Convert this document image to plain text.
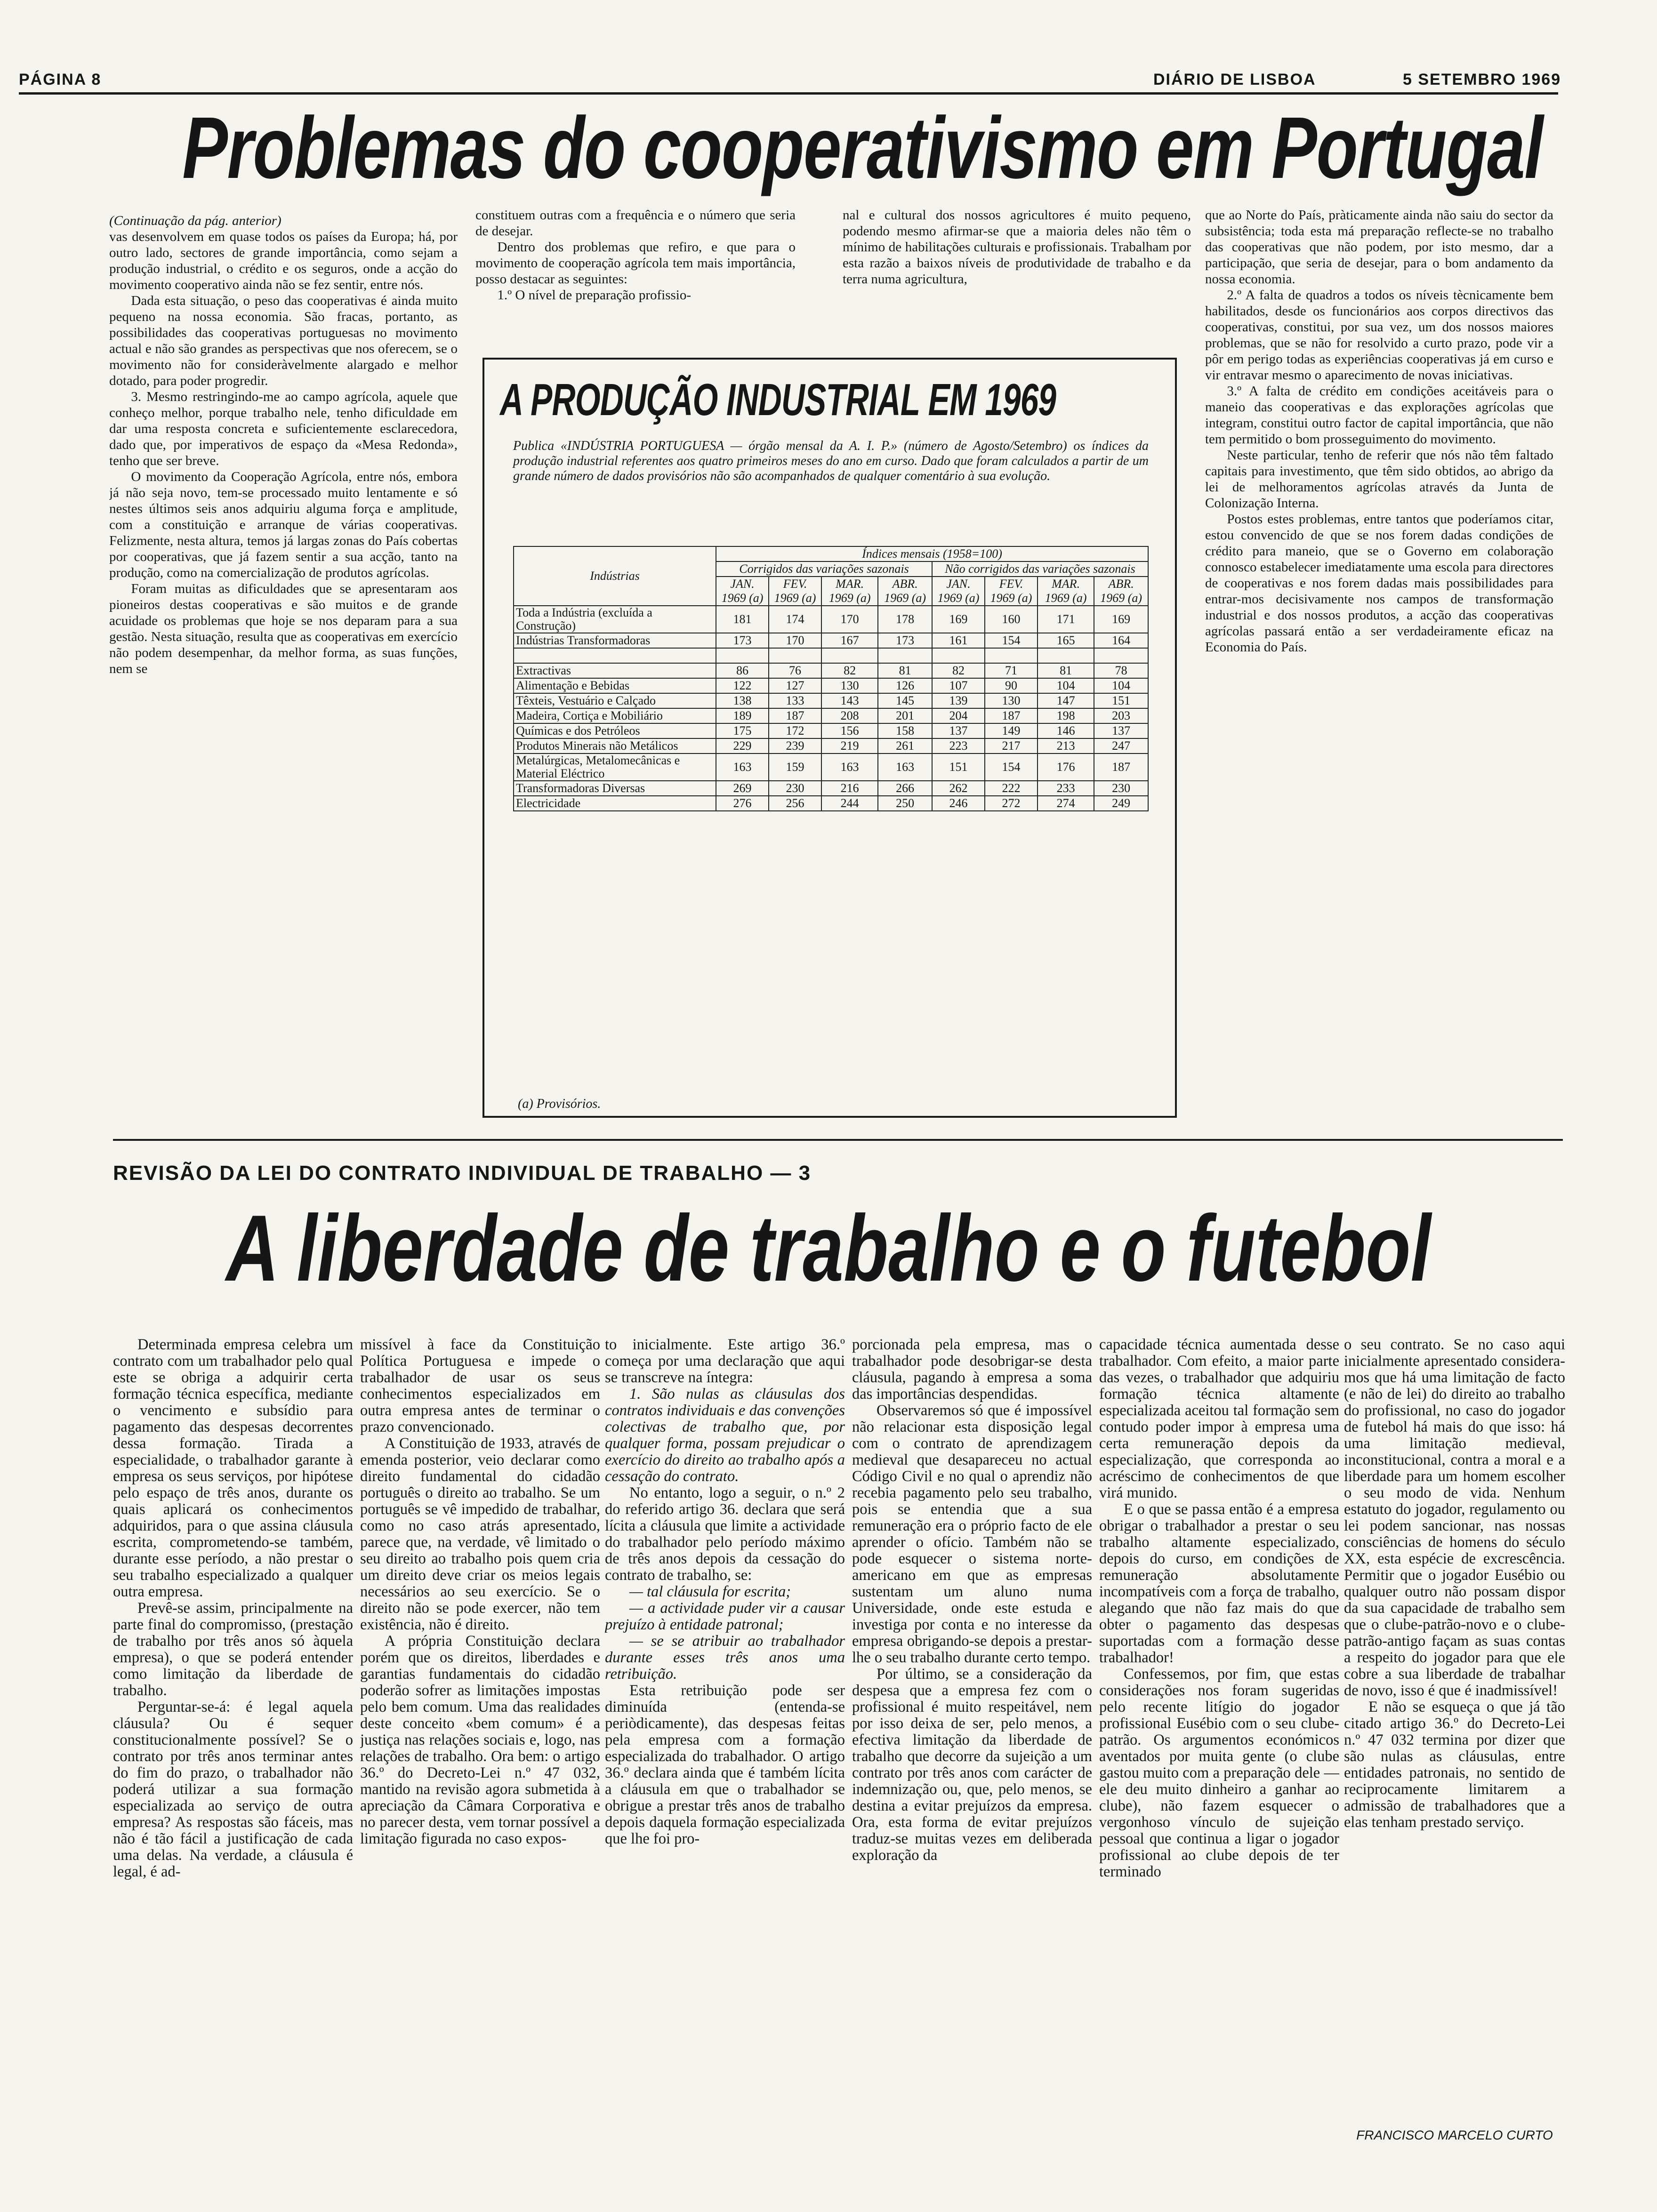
PÁGINA 8	DIÁRIO DE LISBOA	5 SETEMBRO 1969
Problemas do cooperativismo em Portugal

(Continuação da pág. anterior)

vas desenvolvem em quase todos os países da Europa; há, por outro lado, sectores de grande importância, como sejam a produção industrial, o crédito e os seguros, onde a acção do movimento cooperativo ainda não se fez sentir, entre nós.

Dada esta situação, o peso das cooperativas é ainda muito pequeno na nossa economia. São fracas, portanto, as possibilidades das cooperativas portuguesas no movimento actual e não são grandes as perspectivas que nos oferecem, se o movimento não for consideràvelmente alargado e melhor dotado, para poder progredir.

3. Mesmo restringindo-me ao campo agrícola, aquele que conheço melhor, porque trabalho nele, tenho dificuldade em dar uma resposta concreta e suficientemente esclarecedora, dado que, por imperativos de espaço da «Mesa Redonda», tenho que ser breve.

O movimento da Cooperação Agrícola, entre nós, embora já não seja novo, tem-se processado muito lentamente e só nestes últimos seis anos adquiriu alguma força e amplitude, com a constituição e arranque de várias cooperativas. Felizmente, nesta altura, temos já largas zonas do País cobertas por cooperativas, que já fazem sentir a sua acção, tanto na produção, como na comercialização de produtos agrícolas.

Foram muitas as dificuldades que se apresentaram aos pioneiros destas cooperativas e são muitos e de grande acuidade os problemas que hoje se nos deparam para a sua gestão. Nesta situação, resulta que as cooperativas em exercício não podem desempenhar, da melhor forma, as suas funções, nem se

constituem outras com a frequência e o número que seria de desejar.

Dentro dos problemas que refiro, e que para o movimento de cooperação agrícola tem mais importância, posso destacar as seguintes:

1.º O nível de preparação profissio-

nal e cultural dos nossos agricultores é muito pequeno, podendo mesmo afirmar-se que a maioria deles não têm o mínimo de habilitações culturais e profissionais. Trabalham por esta razão a baixos níveis de produtividade de trabalho e da terra numa agricultura,

que ao Norte do País, pràticamente ainda não saiu do sector da subsistência; toda esta má preparação reflecte-se no trabalho das cooperativas que não podem, por isto mesmo, dar a participação, que seria de desejar, para o bom andamento da nossa economia.

2.º A falta de quadros a todos os níveis tècnicamente bem habilitados, desde os funcionários aos corpos directivos das cooperativas, constitui, por sua vez, um dos nossos maiores problemas, que se não for resolvido a curto prazo, pode vir a pôr em perigo todas as experiências cooperativas já em curso e vir entravar mesmo o aparecimento de novas iniciativas.

3.º A falta de crédito em condições aceitáveis para o maneio das cooperativas e das explorações agrícolas que integram, constitui outro factor de capital importância, que não tem permitido o bom prosseguimento do movimento.

Neste particular, tenho de referir que nós não têm faltado capitais para investimento, que têm sido obtidos, ao abrigo da lei de melhoramentos agrícolas através da Junta de Colonização Interna.

Postos estes problemas, entre tantos que poderíamos citar, estou convencido de que se nos forem dadas condições de crédito para maneio, que se o Governo em colaboração connosco estabelecer imediatamente uma escola para directores de cooperativas e nos forem dadas mais possibilidades para entrar-mos decisivamente nos campos de transformação industrial e dos nossos produtos, a acção das cooperativas agrícolas passará então a ser verdadeiramente eficaz na Economia do País.

A PRODUÇÃO INDUSTRIAL EM 1969
Publica «INDÚSTRIA PORTUGUESA — órgão mensal da A. I. P.» (número de Agosto/Setembro) os índices da produção industrial referentes aos quatro primeiros meses do ano em curso. Dado que foram calculados a partir de um grande número de dados provisórios não são acompanhados de qualquer comentário à sua evolução.
Indústrias	Índices mensais (1958=100)							
	Corrigidos das variações sazonais				Não corrigidos das variações sazonais			
	JAN. 1969 (a)	FEV. 1969 (a)	MAR. 1969 (a)	ABR. 1969 (a)	JAN. 1969 (a)	FEV. 1969 (a)	MAR. 1969 (a)	ABR. 1969 (a)
Toda a Indústria (excluída a Construção)	181	174	170	178	169	160	171	169
Indústrias Transformadoras	173	170	167	173	161	154	165	164

Extractivas	86	76	82	81	82	71	81	78
Alimentação e Bebidas	122	127	130	126	107	90	104	104
Têxteis, Vestuário e Calçado	138	133	143	145	139	130	147	151
Madeira, Cortiça e Mobiliário	189	187	208	201	204	187	198	203
Químicas e dos Petróleos	175	172	156	158	137	149	146	137
Produtos Minerais não Metálicos	229	239	219	261	223	217	213	247
Metalúrgicas, Metalomecânicas e Material Eléctrico	163	159	163	163	151	154	176	187
Transformadoras Diversas	269	230	216	266	262	222	233	230
Electricidade	276	256	244	250	246	272	274	249
(a) Provisórios.
REVISÃO DA LEI DO CONTRATO INDIVIDUAL DE TRABALHO — 3
A liberdade de trabalho e o futebol

Determinada empresa celebra um contrato com um trabalhador pelo qual este se obriga a adquirir certa formação técnica específica, mediante o vencimento e subsídio para pagamento das despesas decorrentes dessa formação. Tirada a especialidade, o trabalhador garante à empresa os seus serviços, por hipótese pelo espaço de três anos, durante os quais aplicará os conhecimentos adquiridos, para o que assina cláusula escrita, comprometendo-se também, durante esse período, a não prestar o seu trabalho especializado a qualquer outra empresa.

Prevê-se assim, principalmente na parte final do compromisso, (prestação de trabalho por três anos só àquela empresa), o que se poderá entender como limitação da liberdade de trabalho.

Perguntar-se-á: é legal aquela cláusula? Ou é sequer constitucionalmente possível? Se o contrato por três anos terminar antes do fim do prazo, o trabalhador não poderá utilizar a sua formação especializada ao serviço de outra empresa? As respostas são fáceis, mas não é tão fácil a justificação de cada uma delas. Na verdade, a cláusula é legal, é ad-

missível à face da Constituição Política Portuguesa e impede o trabalhador de usar os seus conhecimentos especializados em outra empresa antes de terminar o prazo convencionado.

A Constituição de 1933, através de emenda posterior, veio declarar como direito fundamental do cidadão português o direito ao trabalho. Se um português se vê impedido de trabalhar, como no caso atrás apresentado, parece que, na verdade, vê limitado o seu direito ao trabalho pois quem cria um direito deve criar os meios legais necessários ao seu exercício. Se o direito não se pode exercer, não tem existência, não é direito.

A própria Constituição declara porém que os direitos, liberdades e garantias fundamentais do cidadão poderão sofrer as limitações impostas pelo bem comum. Uma das realidades deste conceito «bem comum» é a justiça nas relações sociais e, logo, nas relações de trabalho. Ora bem: o artigo 36.º do Decreto-Lei n.º 47 032, mantido na revisão agora submetida à apreciação da Câmara Corporativa e no parecer desta, vem tornar possível a limitação figurada no caso expos-

to inicialmente. Este artigo 36.º começa por uma declaração que aqui se transcreve na íntegra:

1. São nulas as cláusulas dos contratos individuais e das convenções colectivas de trabalho que, por qualquer forma, possam prejudicar o exercício do direito ao trabalho após a cessação do contrato.

No entanto, logo a seguir, o n.º 2 do referido artigo 36. declara que será lícita a cláusula que limite a actividade do trabalhador pelo período máximo de três anos depois da cessação do contrato de trabalho, se:

— tal cláusula for escrita;

— a actividade puder vir a causar prejuízo à entidade patronal;

— se se atribuir ao trabalhador durante esses três anos uma retribuição.

Esta retribuição pode ser diminuída (entenda-se periòdicamente), das despesas feitas pela empresa com a formação especializada do trabalhador. O artigo 36.º declara ainda que é também lícita a cláusula em que o trabalhador se obrigue a prestar três anos de trabalho depois daquela formação especializada que lhe foi pro-

porcionada pela empresa, mas o trabalhador pode desobrigar-se desta cláusula, pagando à empresa a soma das importâncias despendidas.

Observaremos só que é impossível não relacionar esta disposição legal com o contrato de aprendizagem medieval que desapareceu no actual Código Civil e no qual o aprendiz não recebia pagamento pelo seu trabalho, pois se entendia que a sua remuneração era o próprio facto de ele aprender o ofício. Também não se pode esquecer o sistema norte-americano em que as empresas sustentam um aluno numa Universidade, onde este estuda e investiga por conta e no interesse da empresa obrigando-se depois a prestar-lhe o seu trabalho durante certo tempo.

Por último, se a consideração da despesa que a empresa fez com o profissional é muito respeitável, nem por isso deixa de ser, pelo menos, a efectiva limitação da liberdade de trabalho que decorre da sujeição a um contrato por três anos com carácter de indemnização ou, que, pelo menos, se destina a evitar prejuízos da empresa. Ora, esta forma de evitar prejuízos traduz-se muitas vezes em deliberada exploração da

capacidade técnica aumentada desse trabalhador. Com efeito, a maior parte das vezes, o trabalhador que adquiriu formação técnica altamente especializada aceitou tal formação sem contudo poder impor à empresa uma certa remuneração depois da especialização, que corresponda ao acréscimo de conhecimentos de que virá munido.

E o que se passa então é a empresa obrigar o trabalhador a prestar o seu trabalho altamente especializado, depois do curso, em condições de remuneração absolutamente incompatíveis com a força de trabalho, alegando que não faz mais do que obter o pagamento das despesas suportadas com a formação desse trabalhador!

Confessemos, por fim, que estas considerações nos foram sugeridas pelo recente litígio do jogador profissional Eusébio com o seu clube-patrão. Os argumentos económicos aventados por muita gente (o clube gastou muito com a preparação dele — ele deu muito dinheiro a ganhar ao clube), não fazem esquecer o vergonhoso vínculo de sujeição pessoal que continua a ligar o jogador profissional ao clube depois de ter terminado

o seu contrato. Se no caso aqui inicialmente apresentado considera-mos que há uma limitação de facto (e não de lei) do direito ao trabalho do profissional, no caso do jogador de futebol há mais do que isso: há uma limitação medieval, inconstitucional, contra a moral e a liberdade para um homem escolher o seu modo de vida. Nenhum estatuto do jogador, regulamento ou lei podem sancionar, nas nossas consciências de homens do século XX, esta espécie de excrescência. Permitir que o jogador Eusébio ou qualquer outro não possam dispor da sua capacidade de trabalho sem que o clube-patrão-novo e o clube-patrão-antigo façam as suas contas a respeito do jogador para que ele cobre a sua liberdade de trabalhar de novo, isso é que é inadmissível!

E não se esqueça o que já tão citado artigo 36.º do Decreto-Lei n.º 47 032 termina por dizer que são nulas as cláusulas, entre entidades patronais, no sentido de reciprocamente limitarem a admissão de trabalhadores que a elas tenham prestado serviço.

FRANCISCO MARCELO CURTO
